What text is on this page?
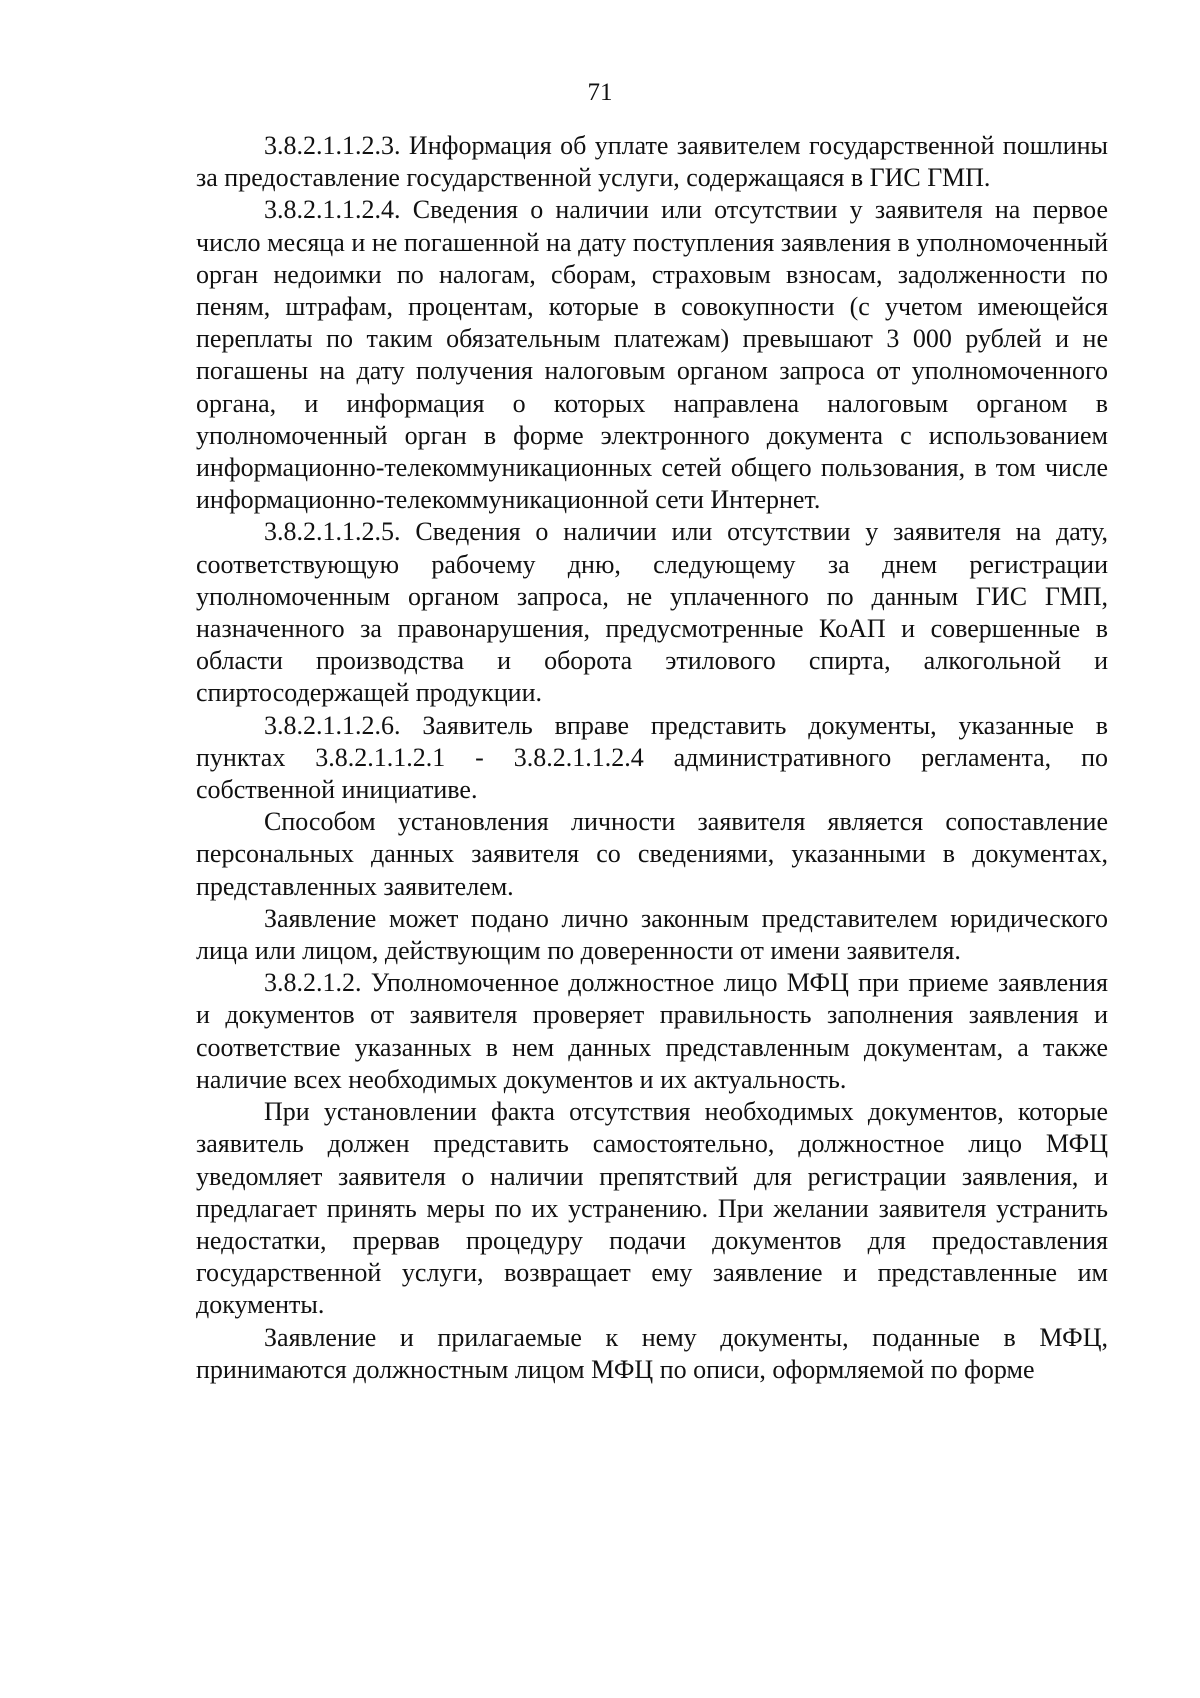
71

3.8.2.1.1.2.3. Информация об уплате заявителем государственной пошлины за предоставление государственной услуги, содержащаяся в ГИС ГМП.

3.8.2.1.1.2.4. Сведения о наличии или отсутствии у заявителя на первое число месяца и не погашенной на дату поступления заявления в уполномоченный орган недоимки по налогам, сборам, страховым взносам, задолженности по пеням, штрафам, процентам, которые в совокупности (с учетом имеющейся переплаты по таким обязательным платежам) превышают 3 000 рублей и не погашены на дату получения налоговым органом запроса от уполномоченного органа, и информация о которых направлена налоговым органом в уполномоченный орган в форме электронного документа с использованием информационно-телекоммуникационных сетей общего пользования, в том числе информационно-телекоммуникационной сети Интернет.

3.8.2.1.1.2.5. Сведения о наличии или отсутствии у заявителя на дату, соответствующую рабочему дню, следующему за днем регистрации уполномоченным органом запроса, не уплаченного по данным ГИС ГМП, назначенного за правонарушения, предусмотренные КоАП и совершенные в области производства и оборота этилового спирта, алкогольной и спиртосодержащей продукции.

3.8.2.1.1.2.6. Заявитель вправе представить документы, указанные в пунктах 3.8.2.1.1.2.1 - 3.8.2.1.1.2.4 административного регламента, по собственной инициативе.

Способом установления личности заявителя является сопоставление персональных данных заявителя со сведениями, указанными в документах, представленных заявителем.

Заявление может подано лично законным представителем юридического лица или лицом, действующим по доверенности от имени заявителя.

3.8.2.1.2. Уполномоченное должностное лицо МФЦ при приеме заявления и документов от заявителя проверяет правильность заполнения заявления и соответствие указанных в нем данных представленным документам, а также наличие всех необходимых документов и их актуальность.

При установлении факта отсутствия необходимых документов, которые заявитель должен представить самостоятельно, должностное лицо МФЦ уведомляет заявителя о наличии препятствий для регистрации заявления, и предлагает принять меры по их устранению. При желании заявителя устранить недостатки, прервав процедуру подачи документов для предоставления государственной услуги, возвращает ему заявление и представленные им документы.

Заявление и прилагаемые к нему документы, поданные в МФЦ, принимаются должностным лицом МФЦ по описи, оформляемой по форме
